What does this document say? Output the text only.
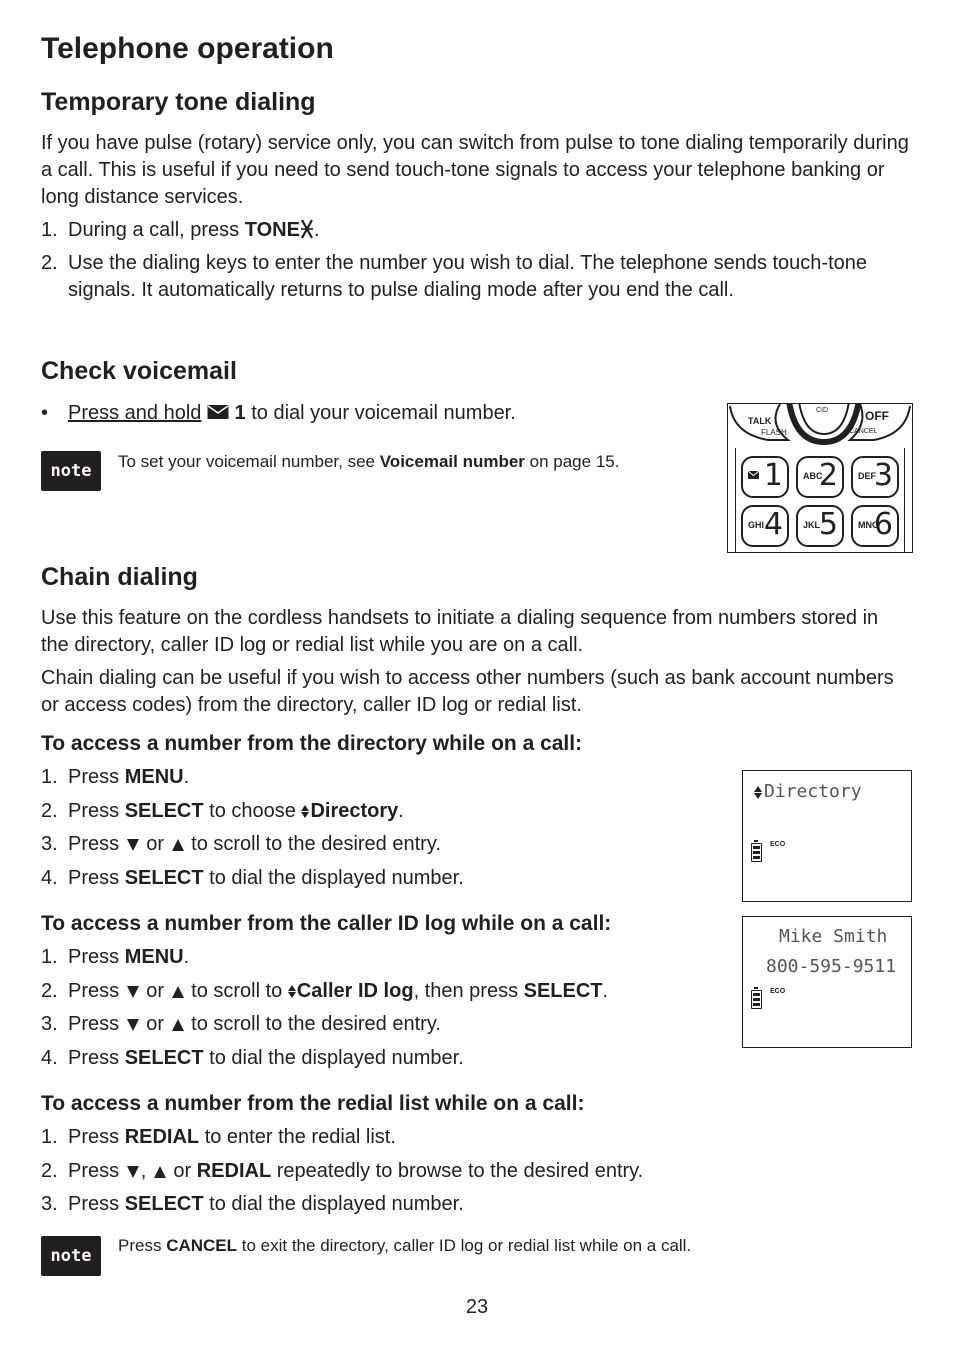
Telephone operation
Temporary tone dialing

If you have pulse (rotary) service only, you can switch from pulse to tone dialing temporarily during a call. This is useful if you need to send touch-tone signals to access your telephone banking or long distance services.

1. During a call, press TONE .
2. Use the dialing keys to enter the number you wish to dial. The telephone sends touch-tone signals. It automatically returns to pulse dialing mode after you end the call.
Check voicemail
• Press and hold 1 to dial your voicemail number.
note	To set your voicemail number, see Voicemail number on page 15.
TALK
FLASH
CID	OFF
CANCEL
1 ABC
2 DEF
3
GHI 4 JKL
5 MNO
6
Chain dialing

Use this feature on the cordless handsets to initiate a dialing sequence from numbers stored in the directory, caller ID log or redial list while you are on a call.

Chain dialing can be useful if you wish to access other numbers (such as bank account numbers or access codes) from the directory, caller ID log or redial list.

To access a number from the directory while on a call:
1. Press MENU.
2. Press SELECT to choose
Directory.
3. Press  or  to scroll to the desired entry.
4. Press SELECT to dial the displayed number.
To access a number from the caller ID log while on a call:
1. Press MENU.
2. Press  or  to scroll to
Caller ID log, then press SELECT.
3. Press  or  to scroll to the desired entry.
4. Press SELECT to dial the displayed number.
To access a number from the redial list while on a call:
1. Press REDIAL to enter the redial list.
2. Press ,  or REDIAL repeatedly to browse to the desired entry.
3. Press SELECT to dial the displayed number.
note
Press CANCEL to exit the directory, caller ID log or redial list while on a call.
Directory
ECO
Mike Smith
800-595-9511
ECO
23
